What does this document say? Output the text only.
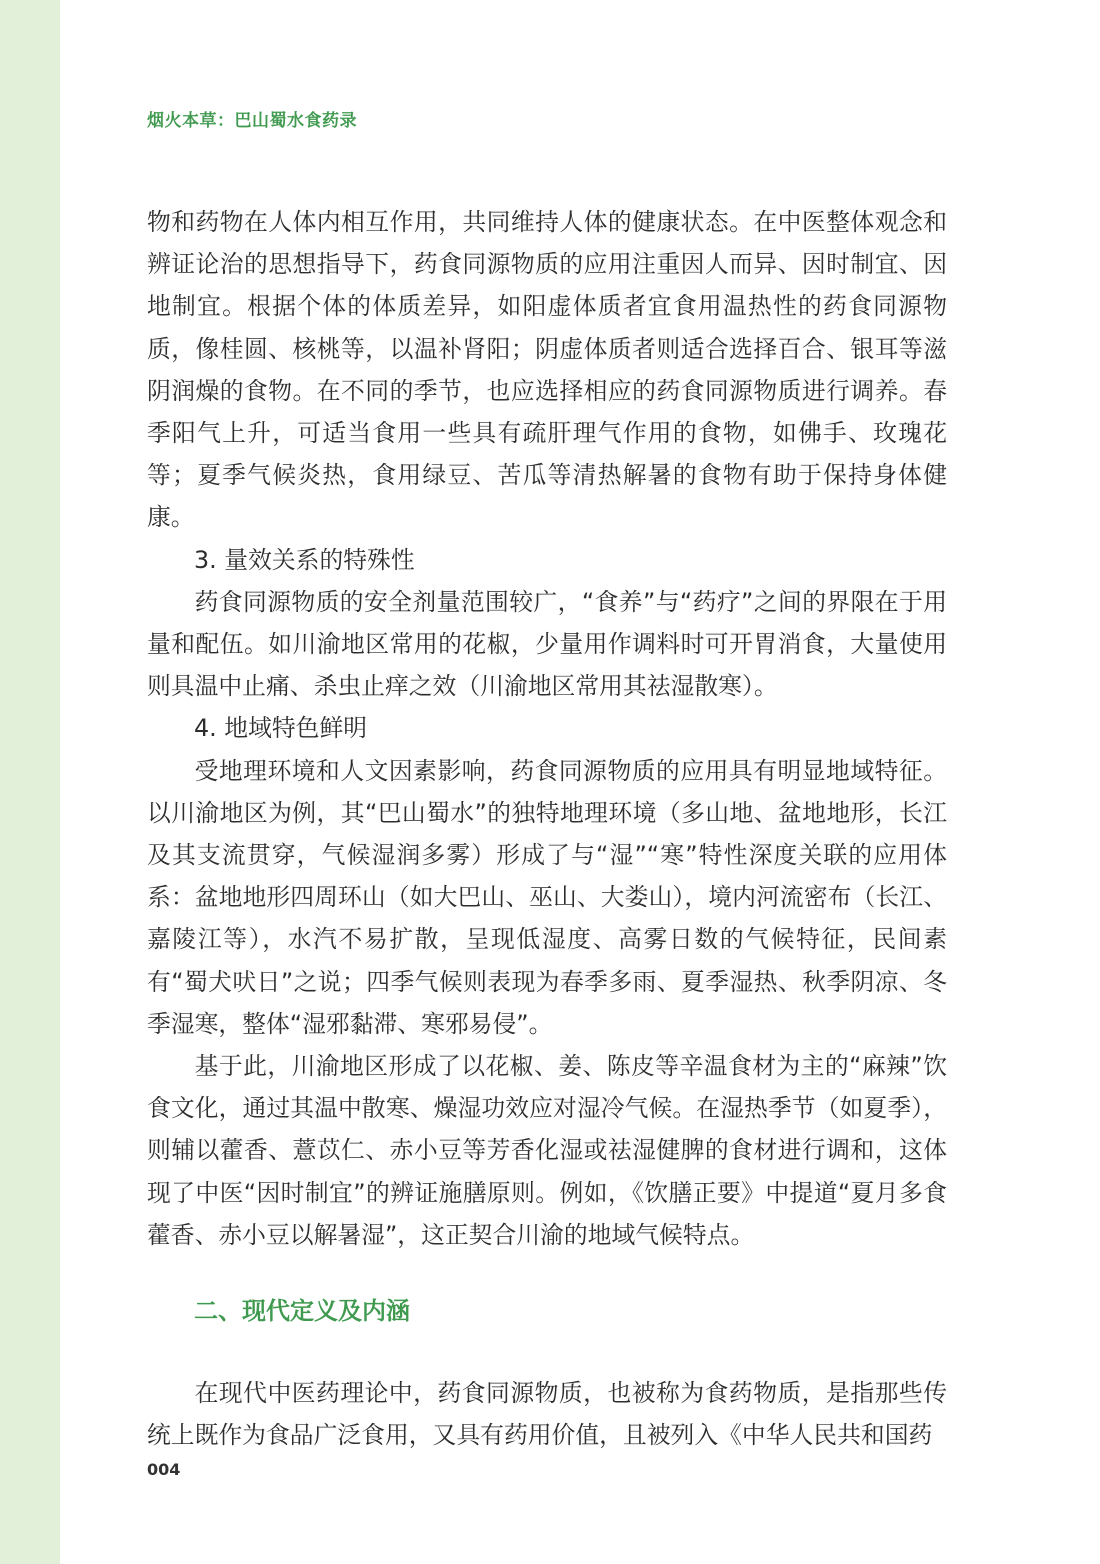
烟火本草：巴山蜀水食药录

物和药物在人体内相互作用，共同维持人体的健康状态。在中医整体观念和辨证论治的思想指导下，药食同源物质的应用注重因人而异、因时制宜、因地制宜。根据个体的体质差异，如阳虚体质者宜食用温热性的药食同源物质，像桂圆、核桃等，以温补肾阳；阴虚体质者则适合选择百合、银耳等滋阴润燥的食物。在不同的季节，也应选择相应的药食同源物质进行调养。春季阳气上升，可适当食用一些具有疏肝理气作用的食物，如佛手、玫瑰花等；夏季气候炎热，食用绿豆、苦瓜等清热解暑的食物有助于保持身体健康。

3. 量效关系的特殊性

药食同源物质的安全剂量范围较广，“食养”与“药疗”之间的界限在于用量和配伍。如川渝地区常用的花椒，少量用作调料时可开胃消食，大量使用则具温中止痛、杀虫止痒之效（川渝地区常用其祛湿散寒）。

4. 地域特色鲜明

受地理环境和人文因素影响，药食同源物质的应用具有明显地域特征。以川渝地区为例，其“巴山蜀水”的独特地理环境（多山地、盆地地形，长江及其支流贯穿，气候湿润多雾）形成了与“湿”“寒”特性深度关联的应用体系：盆地地形四周环山（如大巴山、巫山、大娄山），境内河流密布（长江、嘉陵江等），水汽不易扩散，呈现低湿度、高雾日数的气候特征，民间素有“蜀犬吠日”之说；四季气候则表现为春季多雨、夏季湿热、秋季阴凉、冬季湿寒，整体“湿邪黏滞、寒邪易侵”。

基于此，川渝地区形成了以花椒、姜、陈皮等辛温食材为主的“麻辣”饮食文化，通过其温中散寒、燥湿功效应对湿冷气候。在湿热季节（如夏季），则辅以藿香、薏苡仁、赤小豆等芳香化湿或祛湿健脾的食材进行调和，这体现了中医“因时制宜”的辨证施膳原则。例如，《饮膳正要》中提道“夏月多食藿香、赤小豆以解暑湿”，这正契合川渝的地域气候特点。

二、现代定义及内涵

在现代中医药理论中，药食同源物质，也被称为食药物质，是指那些传统上既作为食品广泛食用，又具有药用价值，且被列入《中华人民共和国药

004
